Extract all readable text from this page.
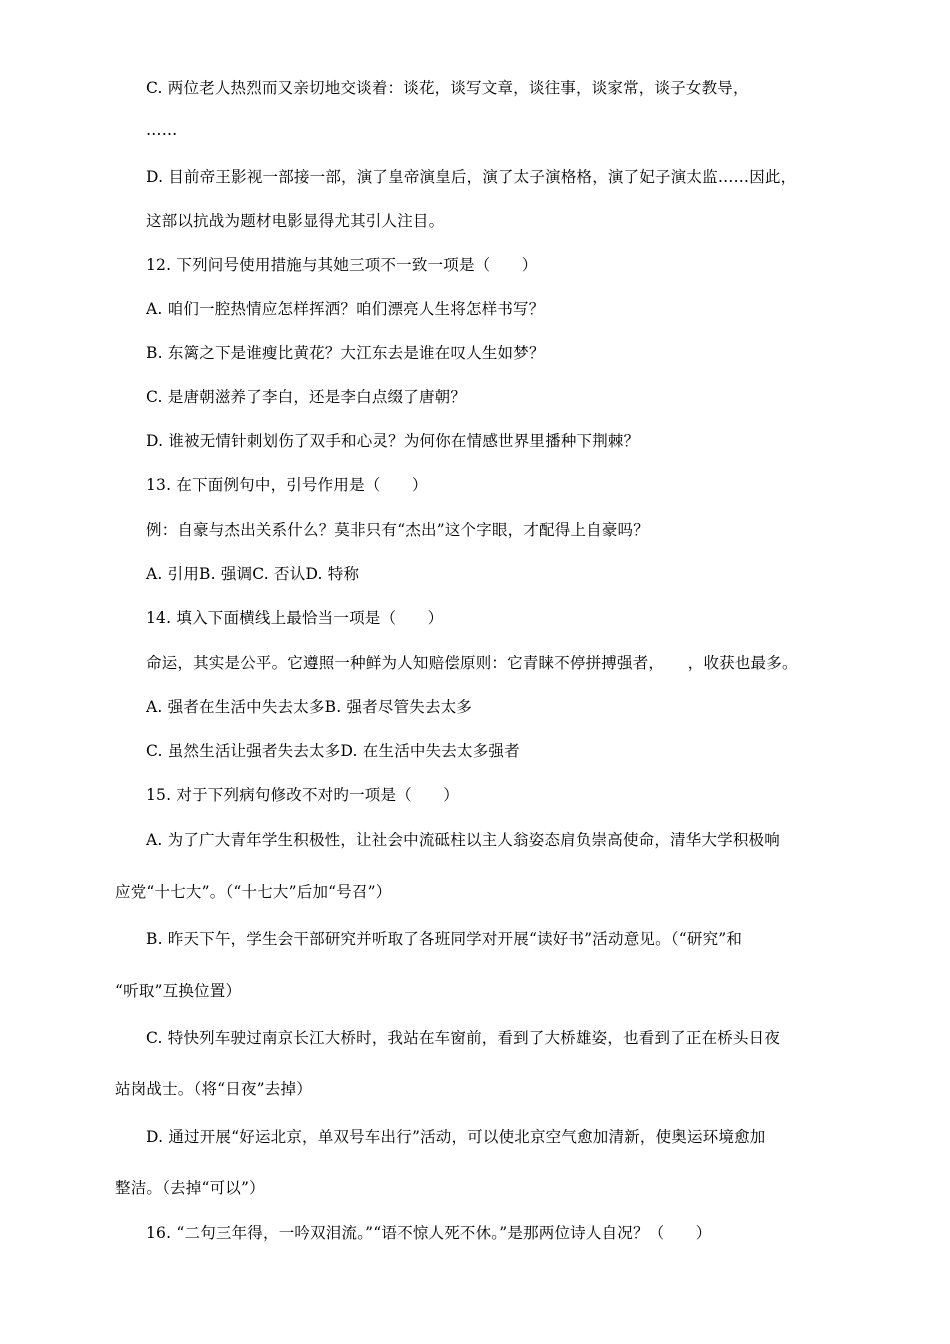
C. 两位老人热烈而又亲切地交谈着：谈花，谈写文章，谈往事，谈家常，谈子女教导，
……
D. 目前帝王影视一部接一部，演了皇帝演皇后，演了太子演格格，演了妃子演太监……因此，
这部以抗战为题材电影显得尤其引人注目。
12. 下列问号使用措施与其她三项不一致一项是（　　）
A. 咱们一腔热情应怎样挥洒？咱们漂亮人生将怎样书写？
B. 东篱之下是谁瘦比黄花？大江东去是谁在叹人生如梦？
C. 是唐朝滋养了李白，还是李白点缀了唐朝？
D. 谁被无情针刺划伤了双手和心灵？为何你在情感世界里播种下荆棘？
13. 在下面例句中，引号作用是（　　）
例：自豪与杰出关系什么？莫非只有“杰出”这个字眼，才配得上自豪吗？
A. 引用B. 强调C. 否认D. 特称
14. 填入下面横线上最恰当一项是（　　）
命运，其实是公平。它遵照一种鲜为人知赔偿原则：它青睐不停拼搏强者，　　，收获也最多。
A. 强者在生活中失去太多B. 强者尽管失去太多
C. 虽然生活让强者失去太多D. 在生活中失去太多强者
15. 对于下列病句修改不对旳一项是（　　）
A. 为了广大青年学生积极性，让社会中流砥柱以主人翁姿态肩负崇高使命，清华大学积极响
应党“十七大”。（“十七大”后加“号召”）
B. 昨天下午，学生会干部研究并听取了各班同学对开展“读好书”活动意见。（“研究”和
“听取”互换位置）
C. 特快列车驶过南京长江大桥时，我站在车窗前，看到了大桥雄姿，也看到了正在桥头日夜
站岗战士。（将“日夜”去掉）
D. 通过开展“好运北京，单双号车出行”活动，可以使北京空气愈加清新，使奥运环境愈加
整洁。（去掉“可以”）
16. “二句三年得，一吟双泪流。”“语不惊人死不休。”是那两位诗人自况？（　　）
